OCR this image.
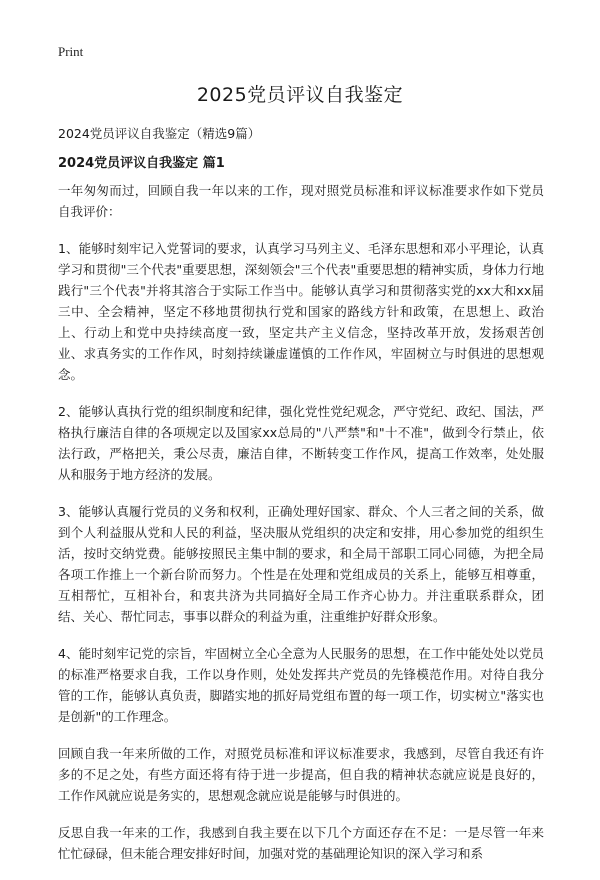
Print
2025党员评议自我鉴定

2024党员评议自我鉴定（精选9篇）

2024党员评议自我鉴定 篇1

一年匆匆而过，回顾自我一年以来的工作，现对照党员标准和评议标准要求作如下党员自我评价：

1、能够时刻牢记入党誓词的要求，认真学习马列主义、毛泽东思想和邓小平理论，认真学习和贯彻"三个代表"重要思想，深刻领会"三个代表"重要思想的精神实质，身体力行地践行"三个代表"并将其溶合于实际工作当中。能够认真学习和贯彻落实党的xx大和xx届三中、全会精神，坚定不移地贯彻执行党和国家的路线方针和政策，在思想上、政治上、行动上和党中央持续高度一致，坚定共产主义信念，坚持改革开放，发扬艰苦创业、求真务实的工作作风，时刻持续谦虚谨慎的工作作风，牢固树立与时俱进的思想观念。

2、能够认真执行党的组织制度和纪律，强化党性党纪观念，严守党纪、政纪、国法，严格执行廉洁自律的各项规定以及国家xx总局的"八严禁"和"十不准"，做到令行禁止，依法行政，严格把关，秉公尽责，廉洁自律，不断转变工作作风，提高工作效率，处处服从和服务于地方经济的发展。

3、能够认真履行党员的义务和权利，正确处理好国家、群众、个人三者之间的关系，做到个人利益服从党和人民的利益，坚决服从党组织的决定和安排，用心参加党的组织生活，按时交纳党费。能够按照民主集中制的要求，和全局干部职工同心同德，为把全局各项工作推上一个新台阶而努力。个性是在处理和党组成员的关系上，能够互相尊重，互相帮忙，互相补台，和衷共济为共同搞好全局工作齐心协力。并注重联系群众，团结、关心、帮忙同志，事事以群众的利益为重，注重维护好群众形象。

4、能时刻牢记党的宗旨，牢固树立全心全意为人民服务的思想，在工作中能处处以党员的标准严格要求自我，工作以身作则，处处发挥共产党员的先锋模范作用。对待自我分管的工作，能够认真负责，脚踏实地的抓好局党组布置的每一项工作，切实树立"落实也是创新"的工作理念。

回顾自我一年来所做的工作，对照党员标准和评议标准要求，我感到，尽管自我还有许多的不足之处，有些方面还将有待于进一步提高，但自我的精神状态就应说是良好的，工作作风就应说是务实的，思想观念就应说是能够与时俱进的。

反思自我一年来的工作，我感到自我主要在以下几个方面还存在不足：一是尽管一年来忙忙碌碌，但未能合理安排好时间，加强对党的基础理论知识的深入学习和系
